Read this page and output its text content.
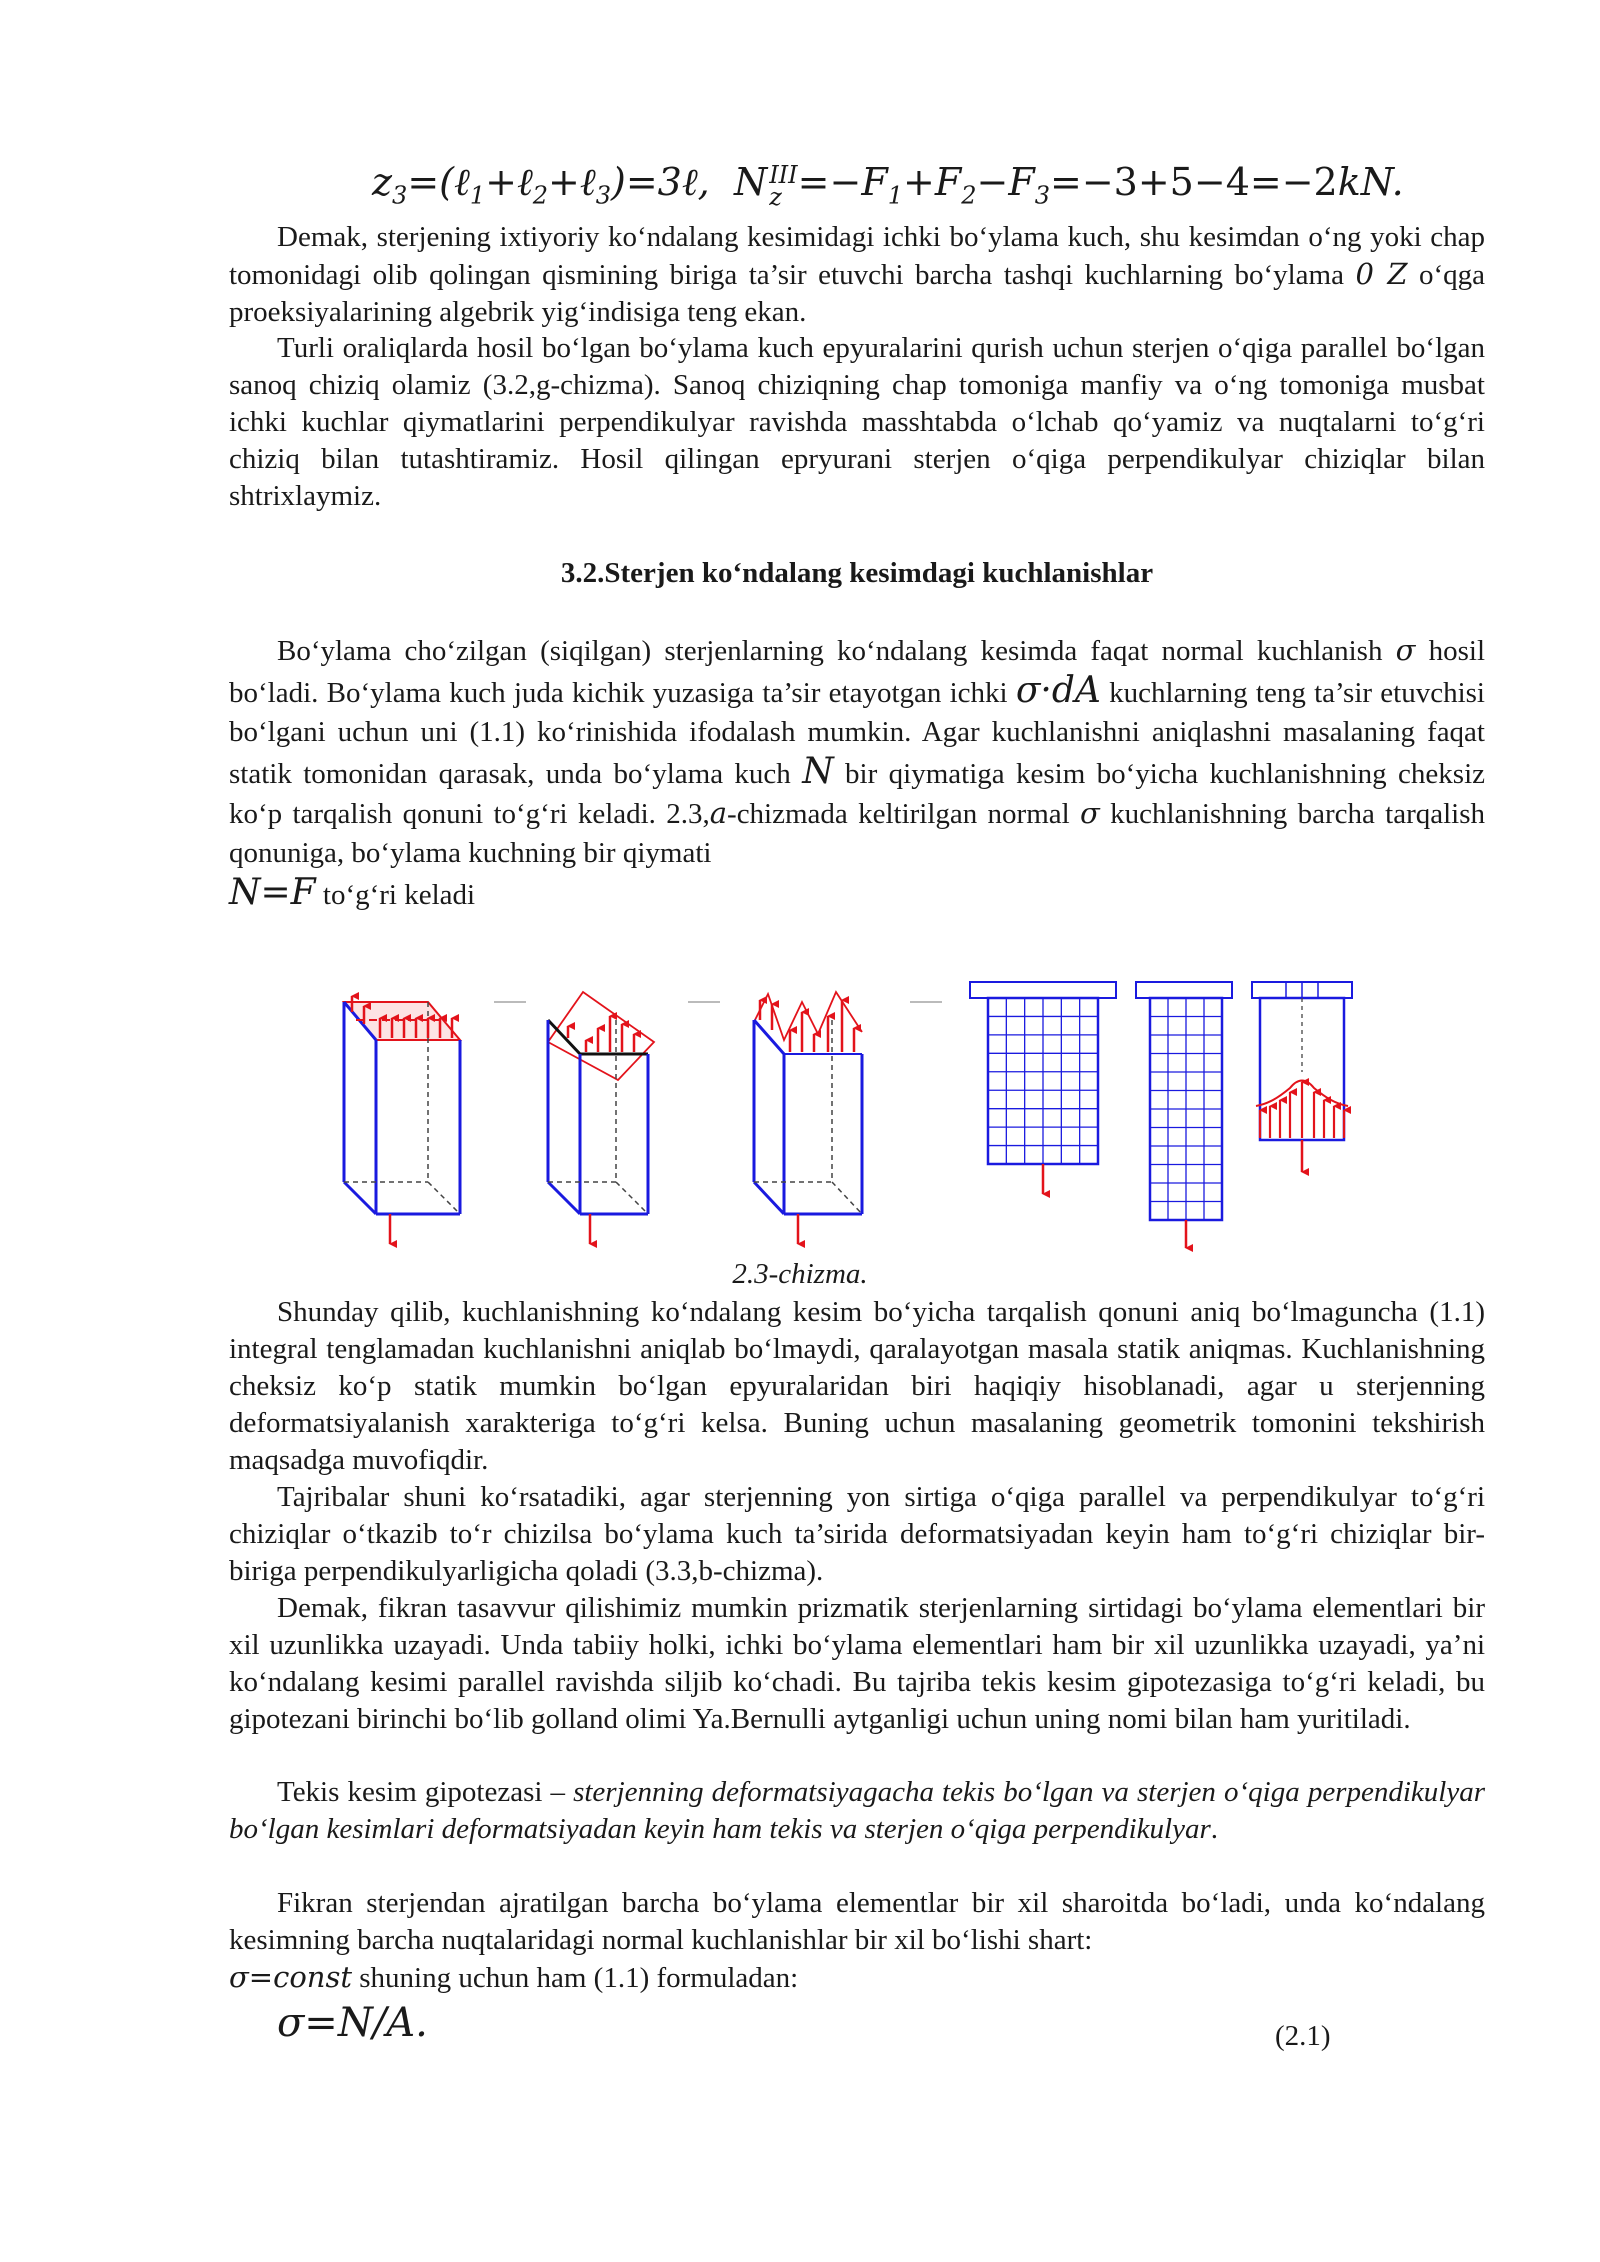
$z_3=(\ell_1+\ell_2+\ell_3)=3\ell$, N III
$z =-F_1+F_2-F_3=-3+5-4=-2kN$.

Demak, sterjening ixtiyoriy ko‘ndalang kesimidagi ichki bo‘ylama kuch, shu kesimdan o‘ng yoki chap tomonidagi olib qolingan qismining biriga ta’sir etuvchi barcha tashqi kuchlarning bo‘ylama 0 Z o‘qga proeksiyalarining algebrik yig‘indisiga teng ekan.

Turli oraliqlarda hosil bo‘lgan bo‘ylama kuch epyuralarini qurish uchun sterjen o‘qiga parallel bo‘lgan sanoq chiziq olamiz (3.2,g-chizma). Sanoq chiziqning chap tomoniga manfiy va o‘ng tomoniga musbat ichki kuchlar qiymatlarini perpendikulyar ravishda masshtabda o‘lchab qo‘yamiz va nuqtalarni to‘g‘ri chiziq bilan tutashtiramiz. Hosil qilingan epryurani sterjen o‘qiga perpendikulyar chiziqlar bilan shtrixlaymiz.

3.2.Sterjen ko‘ndalang kesimdagi kuchlanishlar

Bo‘ylama cho‘zilgan (siqilgan) sterjenlarning ko‘ndalang kesimda faqat normal kuchlanish σ hosil bo‘ladi. Bo‘ylama kuch juda kichik yuzasiga ta’sir etayotgan ichki σ·dA kuchlarning teng ta’sir etuvchisi bo‘lgani uchun uni (1.1) ko‘rinishida ifodalash mumkin. Agar kuchlanishni aniqlashni masalaning faqat statik tomonidan qarasak, unda bo‘ylama kuch N bir qiymatiga kesim bo‘yicha kuchlanishning cheksiz ko‘p tarqalish qonuni to‘g‘ri keladi. 2.3,a-chizmada keltirilgan normal σ kuchlanishning barcha tarqalish qonuniga, bo‘ylama kuchning bir qiymati
N=F to‘g‘ri keladi

2.3-chizma.

Shunday qilib, kuchlanishning ko‘ndalang kesim bo‘yicha tarqalish qonuni aniq bo‘lmaguncha (1.1) integral tenglamadan kuchlanishni aniqlab bo‘lmaydi, qaralayotgan masala statik aniqmas. Kuchlanishning cheksiz ko‘p statik mumkin bo‘lgan epyuralaridan biri haqiqiy hisoblanadi, agar u sterjenning deformatsiyalanish xarakteriga to‘g‘ri kelsa. Buning uchun masalaning geometrik tomonini tekshirish maqsadga muvofiqdir.

Tajribalar shuni ko‘rsatadiki, agar sterjenning yon sirtiga o‘qiga parallel va perpendikulyar to‘g‘ri chiziqlar o‘tkazib to‘r chizilsa bo‘ylama kuch ta’sirida deformatsiyadan keyin ham to‘g‘ri chiziqlar bir-biriga perpendikulyarligicha qoladi (3.3,b-chizma).

Demak, fikran tasavvur qilishimiz mumkin prizmatik sterjenlarning sirtidagi bo‘ylama elementlari bir xil uzunlikka uzayadi. Unda tabiiy holki, ichki bo‘ylama elementlari ham bir xil uzunlikka uzayadi, ya’ni ko‘ndalang kesimi parallel ravishda siljib ko‘chadi. Bu tajriba tekis kesim gipotezasiga to‘g‘ri keladi, bu gipotezani birinchi bo‘lib golland olimi Ya.Bernulli aytganligi uchun uning nomi bilan ham yuritiladi.

Tekis kesim gipotezasi – sterjenning deformatsiyagacha tekis bo‘lgan va sterjen o‘qiga perpendikulyar bo‘lgan kesimlari deformatsiyadan keyin ham tekis va sterjen o‘qiga perpendikulyar.

Fikran sterjendan ajratilgan barcha bo‘ylama elementlar bir xil sharoitda bo‘ladi, unda ko‘ndalang kesimning barcha nuqtalaridagi normal kuchlanishlar bir xil bo‘lishi shart:
σ=const shuning uchun ham (1.1) formuladan:

σ=N/A.	(2.1)
